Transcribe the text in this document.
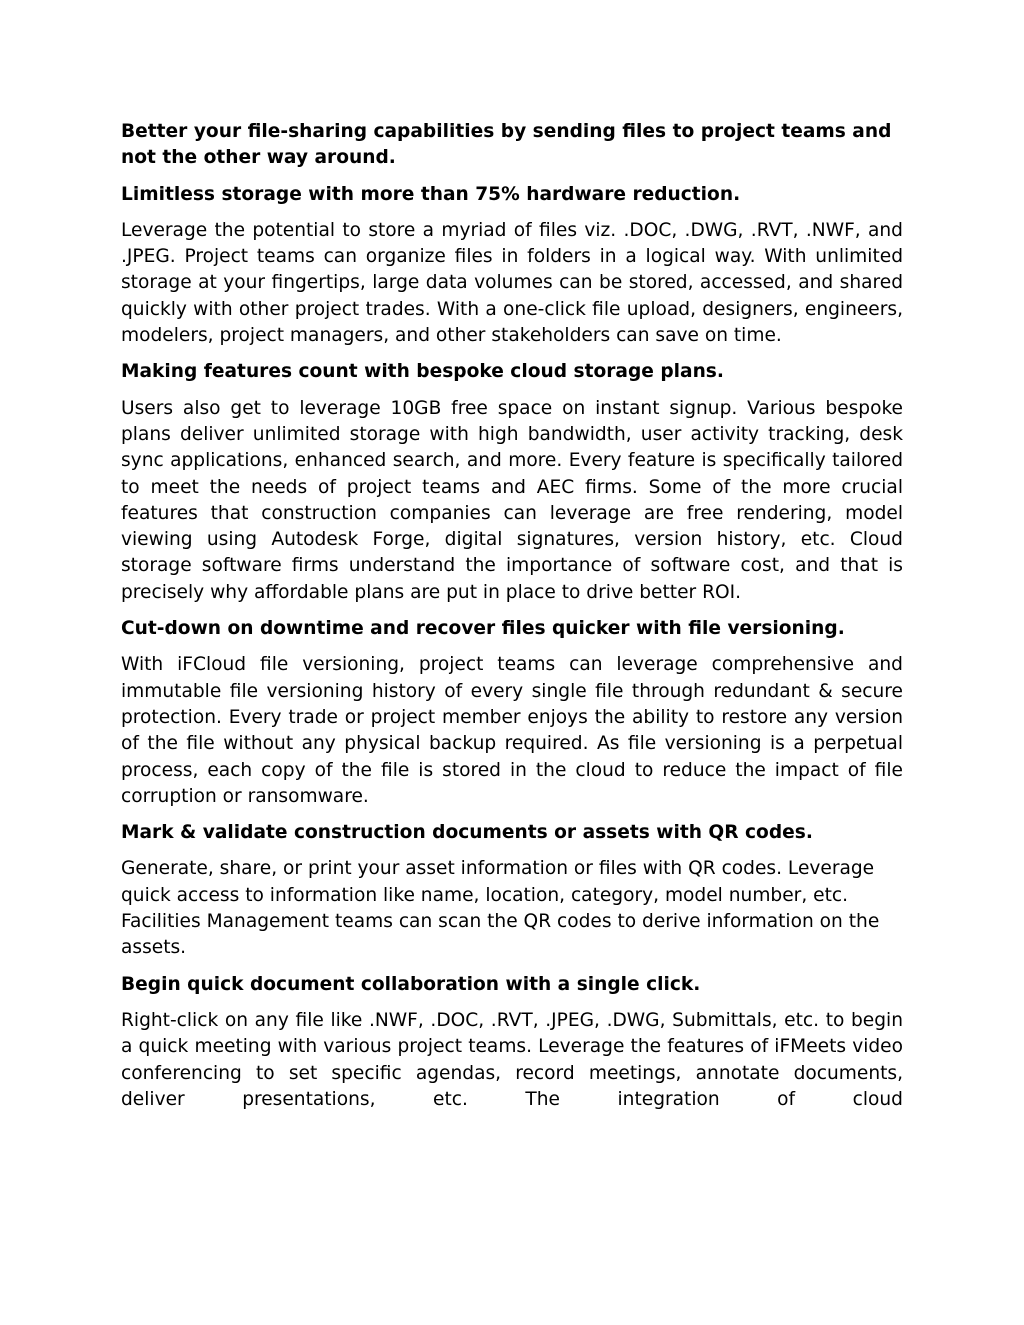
Better your file-sharing capabilities by sending files to project teams and not the other way around.
Limitless storage with more than 75% hardware reduction.
Leverage the potential to store a myriad of files viz. .DOC, .DWG, .RVT, .NWF, and .JPEG. Project teams can organize files in folders in a logical way. With unlimited storage at your fingertips, large data volumes can be stored, accessed, and shared quickly with other project trades. With a one-click file upload, designers, engineers, modelers, project managers, and other stakeholders can save on time.
Making features count with bespoke cloud storage plans.
Users also get to leverage 10GB free space on instant signup. Various bespoke plans deliver unlimited storage with high bandwidth, user activity tracking, desk sync applications, enhanced search, and more. Every feature is specifically tailored to meet the needs of project teams and AEC firms. Some of the more crucial features that construction companies can leverage are free rendering, model viewing using Autodesk Forge, digital signatures, version history, etc. Cloud storage software firms understand the importance of software cost, and that is precisely why affordable plans are put in place to drive better ROI.
Cut-down on downtime and recover files quicker with file versioning.
With iFCloud file versioning, project teams can leverage comprehensive and immutable file versioning history of every single file through redundant & secure protection. Every trade or project member enjoys the ability to restore any version of the file without any physical backup required. As file versioning is a perpetual process, each copy of the file is stored in the cloud to reduce the impact of file corruption or ransomware.
Mark & validate construction documents or assets with QR codes.
Generate, share, or print your asset information or files with QR codes. Leverage quick access to information like name, location, category, model number, etc. Facilities Management teams can scan the QR codes to derive information on the assets.
Begin quick document collaboration with a single click.
Right-click on any file like .NWF, .DOC, .RVT, .JPEG, .DWG, Submittals, etc. to begin a quick meeting with various project teams. Leverage the features of iFMeets video conferencing to set specific agendas, record meetings, annotate documents, deliver presentations, etc. The integration of cloud
